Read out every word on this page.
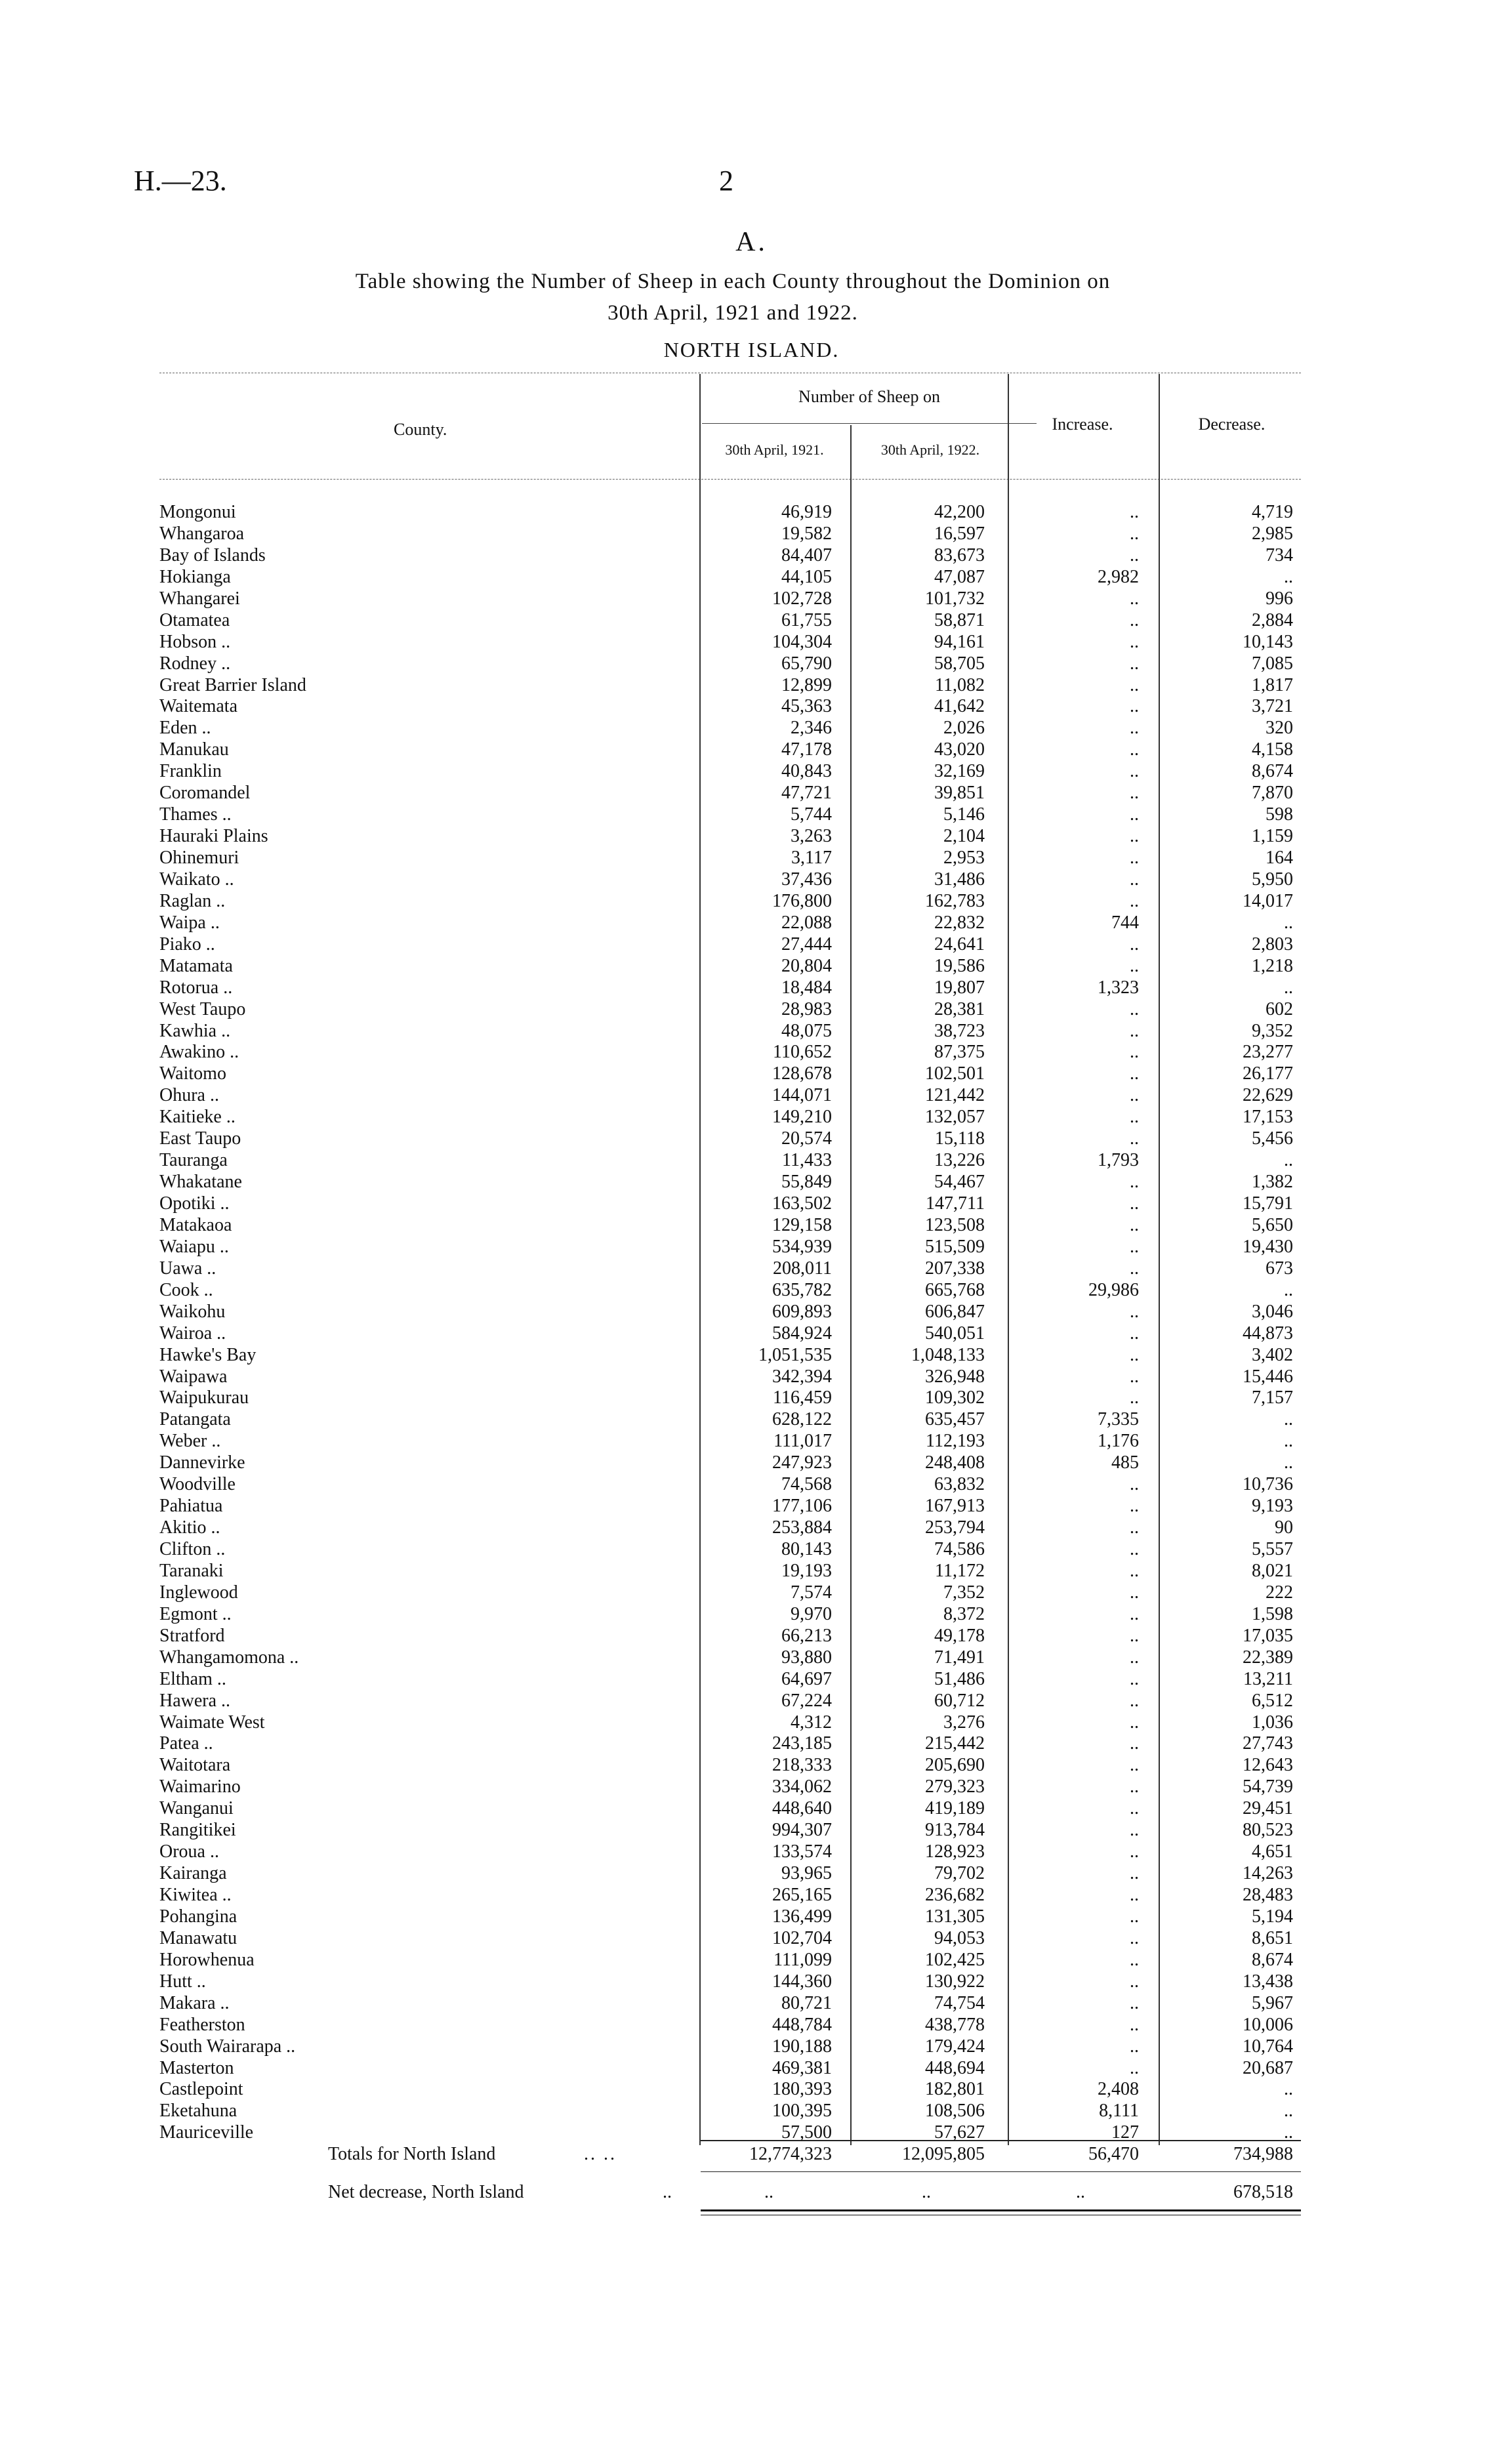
H.—23.	2
A.
Table showing the Number of Sheep in each County throughout the Dominion on
30th April, 1921 and 1922.
NORTH ISLAND.
County.
Number of Sheep on
30th April, 1921.	30th April, 1922.
Increase.	Decrease.
Mongonui	46,919	42,200	..	4,719
Whangaroa	19,582	16,597	..	2,985
Bay of Islands	84,407	83,673	..	734
Hokianga	44,105	47,087	2,982	..
Whangarei	102,728	101,732	..	996
Otamatea	61,755	58,871	..	2,884
Hobson ..	104,304	94,161	..	10,143
Rodney ..	65,790	58,705	..	7,085
Great Barrier Island	12,899	11,082	..	1,817
Waitemata	45,363	41,642	..	3,721
Eden ..	2,346	2,026	..	320
Manukau	47,178	43,020	..	4,158
Franklin	40,843	32,169	..	8,674
Coromandel	47,721	39,851	..	7,870
Thames ..	5,744	5,146	..	598
Hauraki Plains	3,263	2,104	..	1,159
Ohinemuri	3,117	2,953	..	164
Waikato ..	37,436	31,486	..	5,950
Raglan ..	176,800	162,783	..	14,017
Waipa ..	22,088	22,832	744	..
Piako ..	27,444	24,641	..	2,803
Matamata	20,804	19,586	..	1,218
Rotorua ..	18,484	19,807	1,323	..
West Taupo	28,983	28,381	..	602
Kawhia ..	48,075	38,723	..	9,352
Awakino ..	110,652	87,375	..	23,277
Waitomo	128,678	102,501	..	26,177
Ohura ..	144,071	121,442	..	22,629
Kaitieke ..	149,210	132,057	..	17,153
East Taupo	20,574	15,118	..	5,456
Tauranga	11,433	13,226	1,793	..
Whakatane	55,849	54,467	..	1,382
Opotiki ..	163,502	147,711	..	15,791
Matakaoa	129,158	123,508	..	5,650
Waiapu ..	534,939	515,509	..	19,430
Uawa ..	208,011	207,338	..	673
Cook ..	635,782	665,768	29,986	..
Waikohu	609,893	606,847	..	3,046
Wairoa ..	584,924	540,051	..	44,873
Hawke's Bay	1,051,535	1,048,133	..	3,402
Waipawa	342,394	326,948	..	15,446
Waipukurau	116,459	109,302	..	7,157
Patangata	628,122	635,457	7,335	..
Weber ..	111,017	112,193	1,176	..
Dannevirke	247,923	248,408	485	..
Woodville	74,568	63,832	..	10,736
Pahiatua	177,106	167,913	..	9,193
Akitio ..	253,884	253,794	..	90
Clifton ..	80,143	74,586	..	5,557
Taranaki	19,193	11,172	..	8,021
Inglewood	7,574	7,352	..	222
Egmont ..	9,970	8,372	..	1,598
Stratford	66,213	49,178	..	17,035
Whangamomona ..	93,880	71,491	..	22,389
Eltham ..	64,697	51,486	..	13,211
Hawera ..	67,224	60,712	..	6,512
Waimate West	4,312	3,276	..	1,036
Patea ..	243,185	215,442	..	27,743
Waitotara	218,333	205,690	..	12,643
Waimarino	334,062	279,323	..	54,739
Wanganui	448,640	419,189	..	29,451
Rangitikei	994,307	913,784	..	80,523
Oroua ..	133,574	128,923	..	4,651
Kairanga	93,965	79,702	..	14,263
Kiwitea ..	265,165	236,682	..	28,483
Pohangina	136,499	131,305	..	5,194
Manawatu	102,704	94,053	..	8,651
Horowhenua	111,099	102,425	..	8,674
Hutt ..	144,360	130,922	..	13,438
Makara ..	80,721	74,754	..	5,967
Featherston	448,784	438,778	..	10,006
South Wairarapa ..	190,188	179,424	..	10,764
Masterton	469,381	448,694	..	20,687
Castlepoint	180,393	182,801	2,408	..
Eketahuna	100,395	108,506	8,111	..
Mauriceville	57,500	57,627	127	..
Totals for North Island	.. ..	12,774,323	12,095,805	56,470	734,988
Net decrease, North Island	..	..	..	..	678,518
